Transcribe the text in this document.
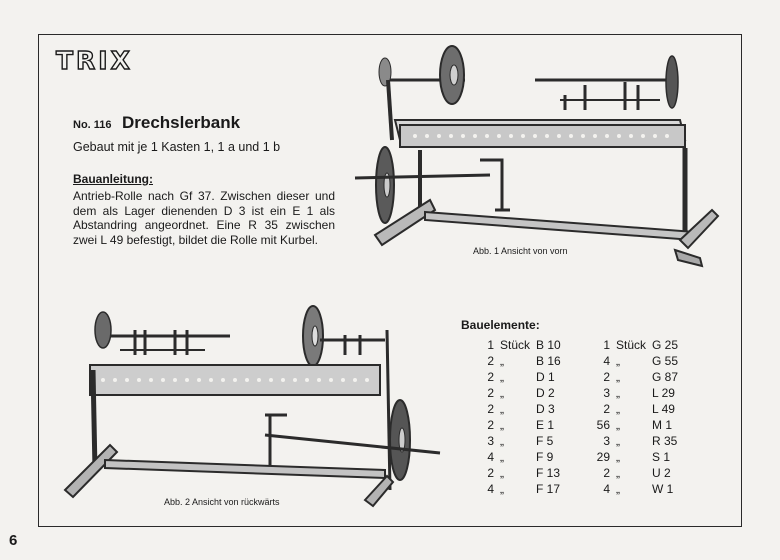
TRIX
No. 116 Drechslerbank
Gebaut mit je 1 Kasten 1, 1 a und 1 b
Bauanleitung:

Antrieb-Rolle nach Gf 37. Zwischen dieser und dem als Lager dienenden D 3 ist ein E 1 als Abstandring angeordnet. Eine R 35 zwischen zwei L 49 befestigt, bildet die Rolle mit Kurbel.

Abb. 1 Ansicht von vorn
Abb. 2 Ansicht von rückwärts
Bauelemente:
1	Stück	B 10	1	Stück	G 25
2	„	B 16	4	„	G 55
2	„	D 1	2	„	G 87
2	„	D 2	3	„	L 29
2	„	D 3	2	„	L 49
2	„	E 1	56	„	M 1
3	„	F 5	3	„	R 35
4	„	F 9	29	„	S 1
2	„	F 13	2	„	U 2
4	„	F 17	4	„	W 1
6
